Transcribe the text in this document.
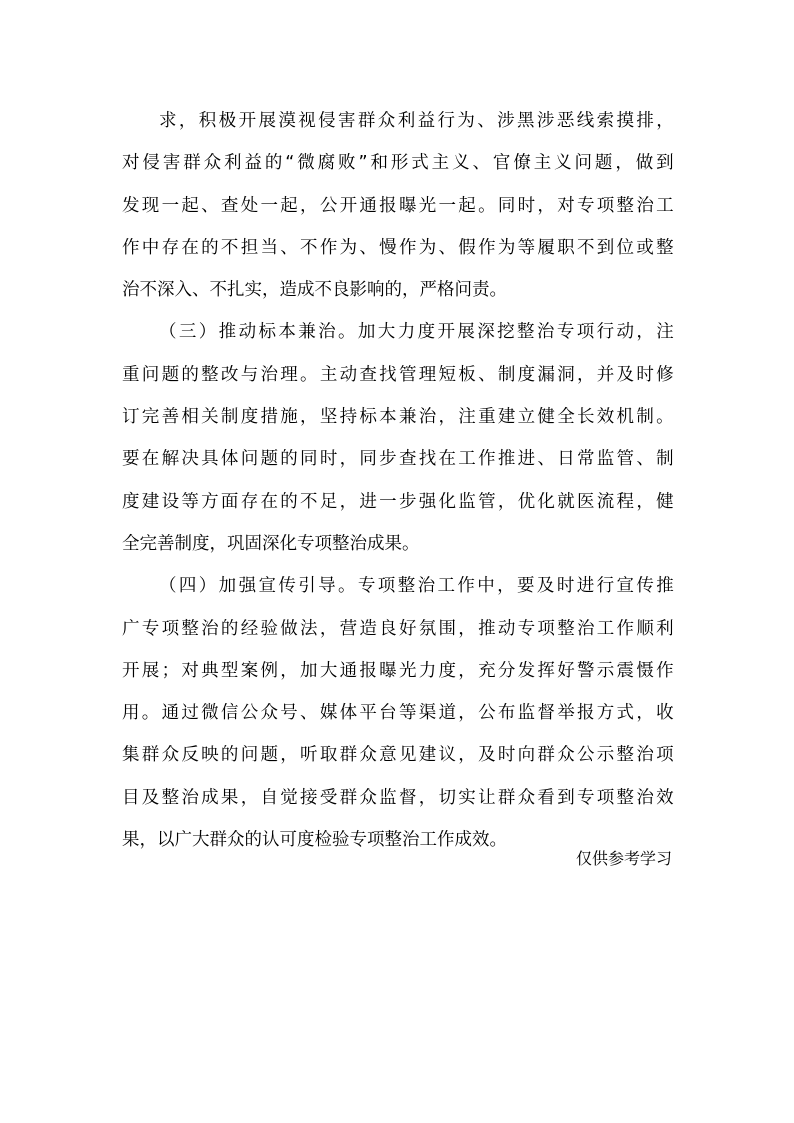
求 ， 积 极 开 展 漠 视 侵 害 群 众 利 益 行 为 、 涉 黑 涉 恶 线 索 摸 排 ，
对 侵 害 群 众 利 益 的 “ 微 腐 败 ” 和 形 式 主 义 、 官 僚 主 义 问 题 ， 做 到
发 现 一 起 、 查 处 一 起 ， 公 开 通 报 曝 光 一 起 。 同 时 ， 对 专 项 整 治 工
作 中 存 在 的 不 担 当 、 不 作 为 、 慢 作 为 、 假 作 为 等 履 职 不 到 位 或 整
治不深入、不扎实，造成不良影响的，严格问责。
（ 三 ） 推 动 标 本 兼 治 。 加 大 力 度 开 展 深 挖 整 治 专 项 行 动 ， 注
重 问 题 的 整 改 与 治 理 。 主 动 查 找 管 理 短 板 、 制 度 漏 洞 ， 并 及 时 修
订 完 善 相 关 制 度 措 施 ， 坚 持 标 本 兼 治 ， 注 重 建 立 健 全 长 效 机 制 。
要 在 解 决 具 体 问 题 的 同 时 ， 同 步 查 找 在 工 作 推 进 、 日 常 监 管 、 制
度 建 设 等 方 面 存 在 的 不 足 ， 进 一 步 强 化 监 管 ， 优 化 就 医 流 程 ， 健
全完善制度，巩固深化专项整治成果。
（ 四 ） 加 强 宣 传 引 导 。 专 项 整 治 工 作 中 ， 要 及 时 进 行 宣 传 推
广 专 项 整 治 的 经 验 做 法 ， 营 造 良 好 氛 围 ， 推 动 专 项 整 治 工 作 顺 利
开 展 ； 对 典 型 案 例 ， 加 大 通 报 曝 光 力 度 ， 充 分 发 挥 好 警 示 震 慑 作
用 。 通 过 微 信 公 众 号 、 媒 体 平 台 等 渠 道 ， 公 布 监 督 举 报 方 式 ， 收
集 群 众 反 映 的 问 题 ， 听 取 群 众 意 见 建 议 ， 及 时 向 群 众 公 示 整 治 项
目 及 整 治 成 果 ， 自 觉 接 受 群 众 监 督 ， 切 实 让 群 众 看 到 专 项 整 治 效
果，以广大群众的认可度检验专项整治工作成效。
仅供参考学习
